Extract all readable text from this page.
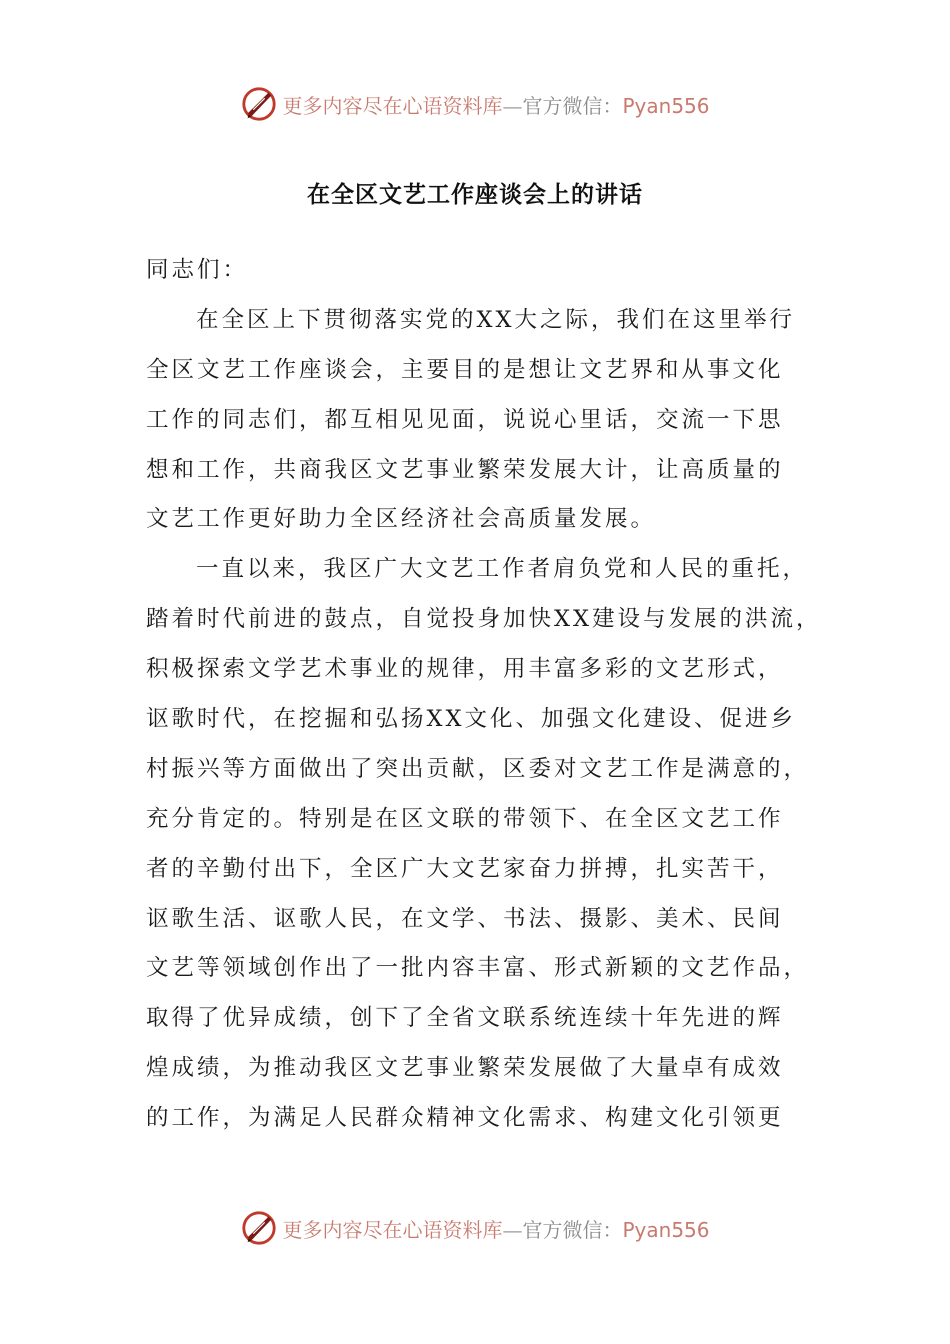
更多内容尽在心语资料库—官方微信：Pyan556
在全区文艺工作座谈会上的讲话
同志们：
在全区上下贯彻落实党的XX大之际，我们在这里举行
全区文艺工作座谈会，主要目的是想让文艺界和从事文化
工作的同志们，都互相见见面，说说心里话，交流一下思
想和工作，共商我区文艺事业繁荣发展大计，让高质量的
文艺工作更好助力全区经济社会高质量发展。
一直以来，我区广大文艺工作者肩负党和人民的重托，
踏着时代前进的鼓点，自觉投身加快XX建设与发展的洪流，
积极探索文学艺术事业的规律，用丰富多彩的文艺形式，
讴歌时代，在挖掘和弘扬XX文化、加强文化建设、促进乡
村振兴等方面做出了突出贡献，区委对文艺工作是满意的，
充分肯定的。特别是在区文联的带领下、在全区文艺工作
者的辛勤付出下，全区广大文艺家奋力拼搏，扎实苦干，
讴歌生活、讴歌人民，在文学、书法、摄影、美术、民间
文艺等领域创作出了一批内容丰富、形式新颖的文艺作品，
取得了优异成绩，创下了全省文联系统连续十年先进的辉
煌成绩，为推动我区文艺事业繁荣发展做了大量卓有成效
的工作，为满足人民群众精神文化需求、构建文化引领更
更多内容尽在心语资料库—官方微信：Pyan556
